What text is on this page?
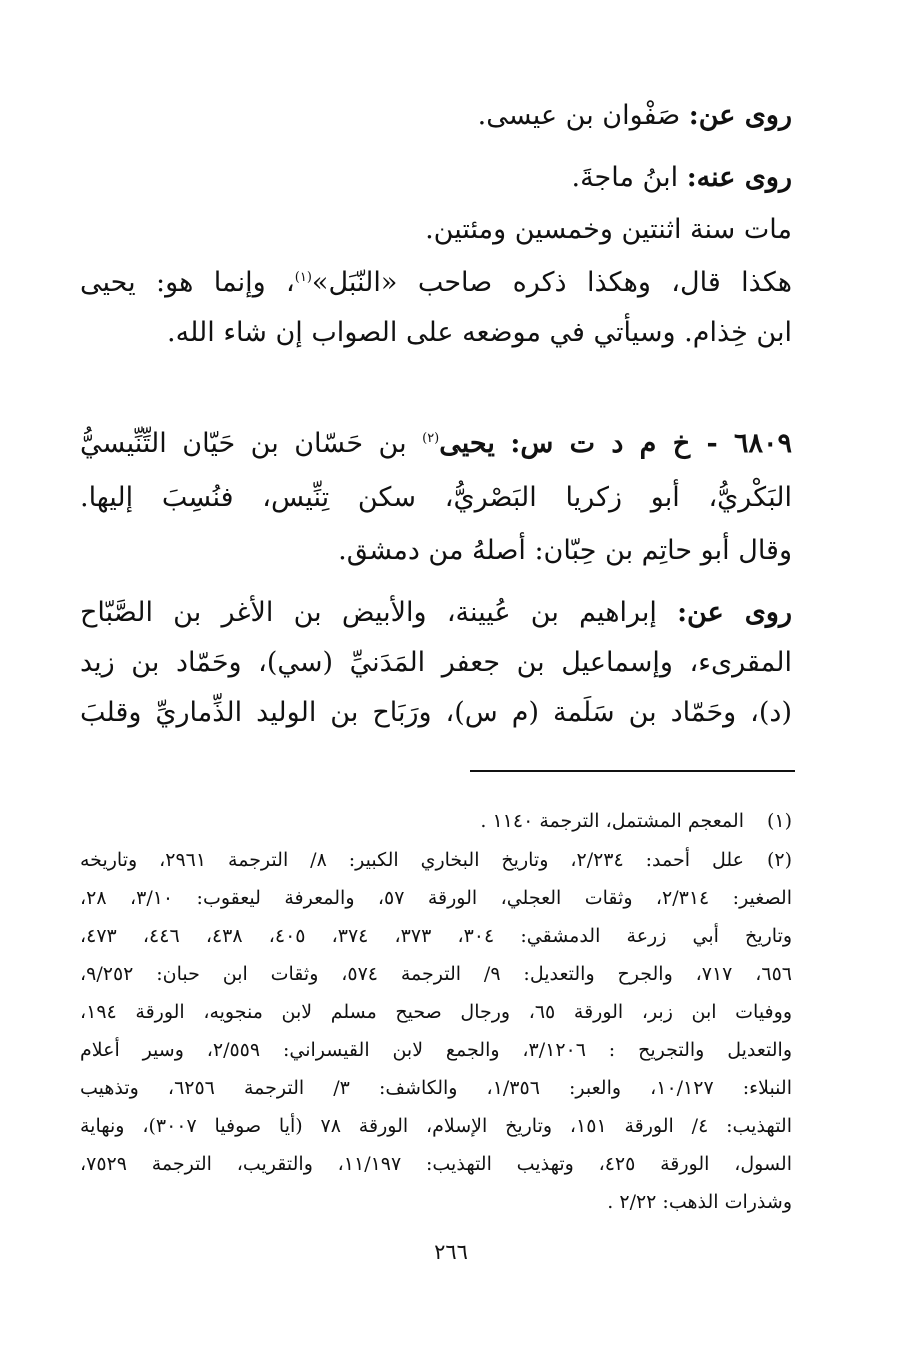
روى عن: صَفْوان بن عيسى.
روى عنه: ابنُ ماجةَ.
مات سنة اثنتين وخمسين ومئتين.
هكذا قال، وهكذا ذكره صاحب «النّبَل»$^{(١)}$، وإنما هو: يحيى
ابن خِذام. وسيأتي في موضعه على الصواب إن شاء الله.
٦٨٠٩ - خ م د ت س: يحيى$^{(٢)}$ بن حَسّان بن حَيّان التِّنِّيسيُّ
البَكْريُّ، أبو زكريا البَصْريُّ، سكن تِنِّيس، فنُسِبَ إليها.
وقال أبو حاتِم بن حِبّان: أصلهُ من دمشق.
روى عن: إبراهيم بن عُيينة، والأبيض بن الأغر بن الصَّبّاح
المقرىء، وإسماعيل بن جعفر المَدَنيِّ (سي)، وحَمّاد بن زيد
(د)، وحَمّاد بن سَلَمة (م س)، ورَبَاح بن الوليد الذِّماريِّ وقلبَ
(١)
المعجم المشتمل، الترجمة ١١٤٠ .
(٢)
علل أحمد: ٢/٢٣٤، وتاريخ البخاري الكبير: ٨/ الترجمة ٢٩٦١، وتاريخه
الصغير: ٢/٣١٤، وثقات العجلي، الورقة ٥٧، والمعرفة ليعقوب: ٣/١٠، ٢٨،
وتاريخ أبي زرعة الدمشقي: ٣٠٤، ٣٧٣، ٣٧٤، ٤٠٥، ٤٣٨، ٤٤٦، ٤٧٣،
٦٥٦، ٧١٧، والجرح والتعديل: ٩/ الترجمة ٥٧٤، وثقات ابن حبان: ٩/٢٥٢،
ووفيات ابن زبر، الورقة ٦٥، ورجال صحيح مسلم لابن منجويه، الورقة ١٩٤،
والتعديل والتجريح : ٣/١٢٠٦، والجمع لابن القيسراني: ٢/٥٥٩، وسير أعلام
النبلاء: ١٠/١٢٧، والعبر: ١/٣٥٦، والكاشف: ٣/ الترجمة ٦٢٥٦، وتذهيب
التهذيب: ٤/ الورقة ١٥١، وتاريخ الإسلام، الورقة ٧٨ (أيا صوفيا ٣٠٠٧)، ونهاية
السول، الورقة ٤٢٥، وتهذيب التهذيب: ١١/١٩٧، والتقريب، الترجمة ٧٥٢٩،
وشذرات الذهب: ٢/٢٢ .
٢٦٦
